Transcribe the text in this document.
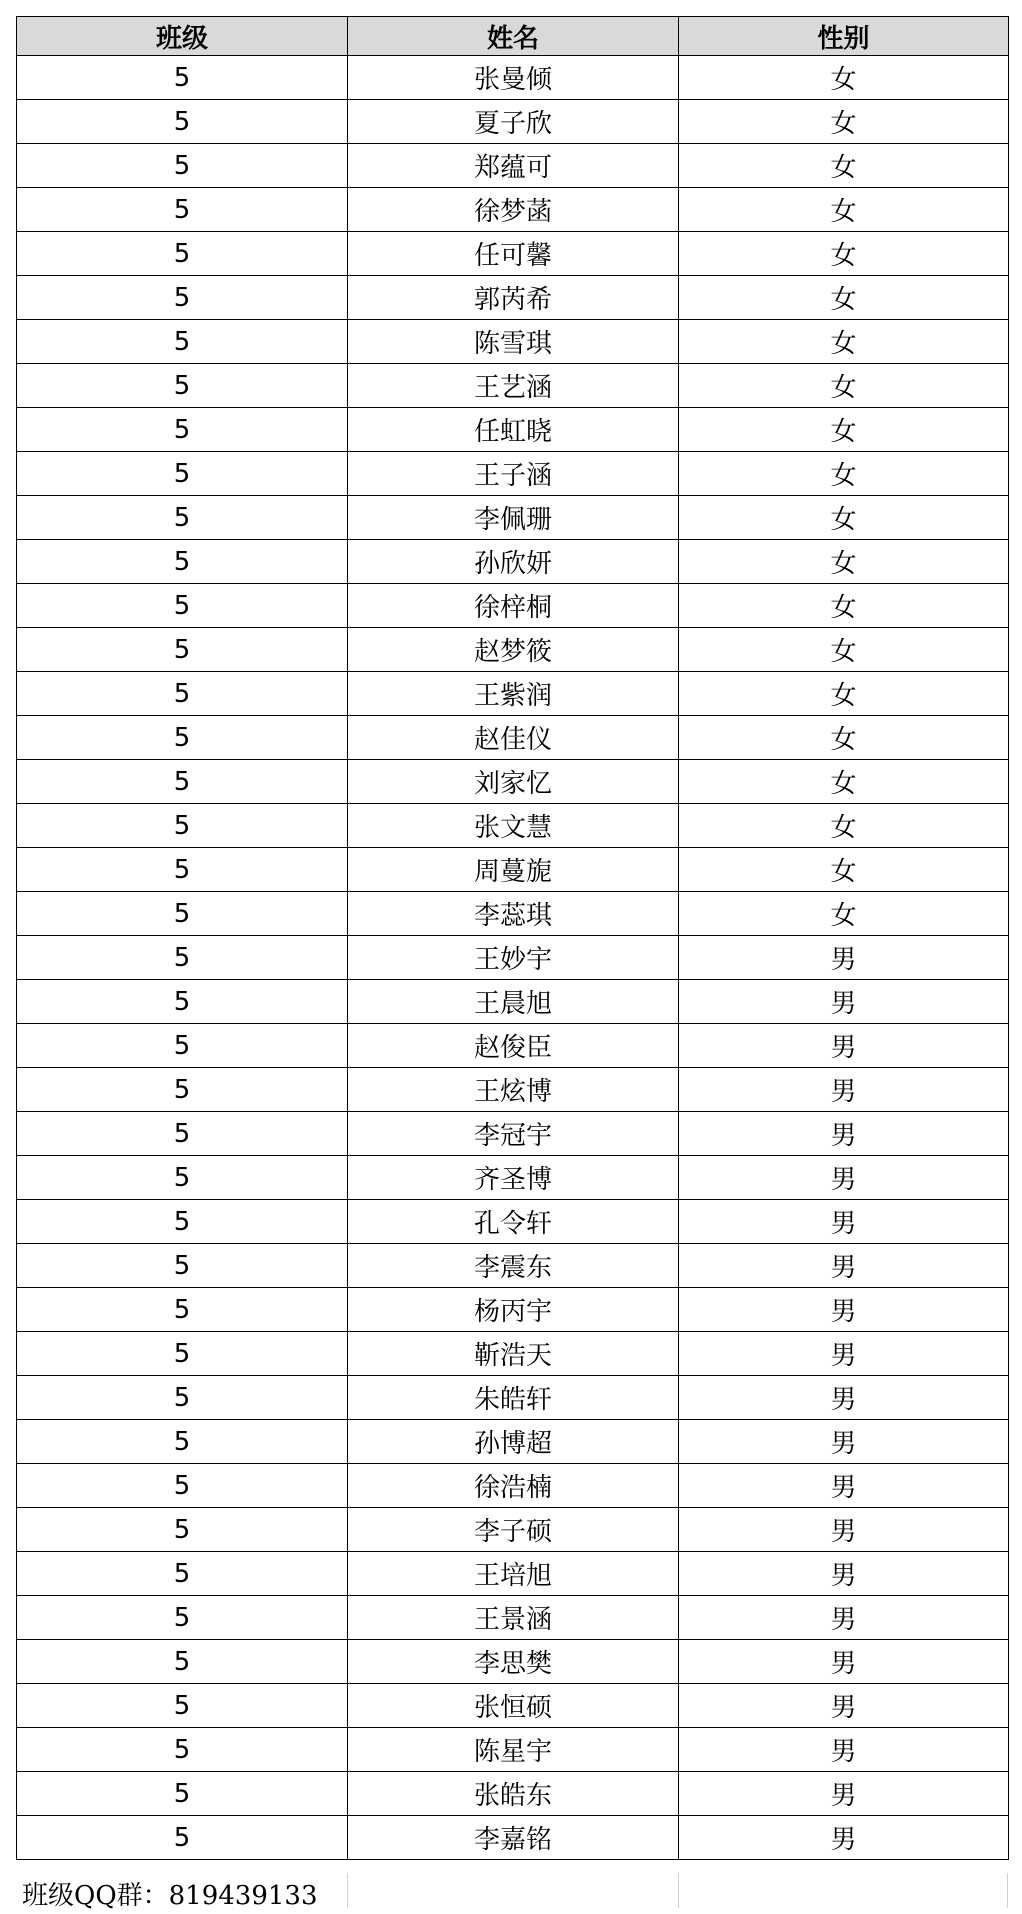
班级	姓名	性别
5	张曼倾	女
5	夏子欣	女
5	郑蕴可	女
5	徐梦菡	女
5	任可馨	女
5	郭芮希	女
5	陈雪琪	女
5	王艺涵	女
5	任虹晓	女
5	王子涵	女
5	李佩珊	女
5	孙欣妍	女
5	徐梓桐	女
5	赵梦筱	女
5	王紫润	女
5	赵佳仪	女
5	刘家忆	女
5	张文慧	女
5	周蔓旎	女
5	李蕊琪	女
5	王妙宇	男
5	王晨旭	男
5	赵俊臣	男
5	王炫博	男
5	李冠宇	男
5	齐圣博	男
5	孔令轩	男
5	李震东	男
5	杨丙宇	男
5	靳浩天	男
5	朱皓轩	男
5	孙博超	男
5	徐浩楠	男
5	李子硕	男
5	王培旭	男
5	王景涵	男
5	李思樊	男
5	张恒硕	男
5	陈星宇	男
5	张皓东	男
5	李嘉铭	男
班级QQ群：819439133
